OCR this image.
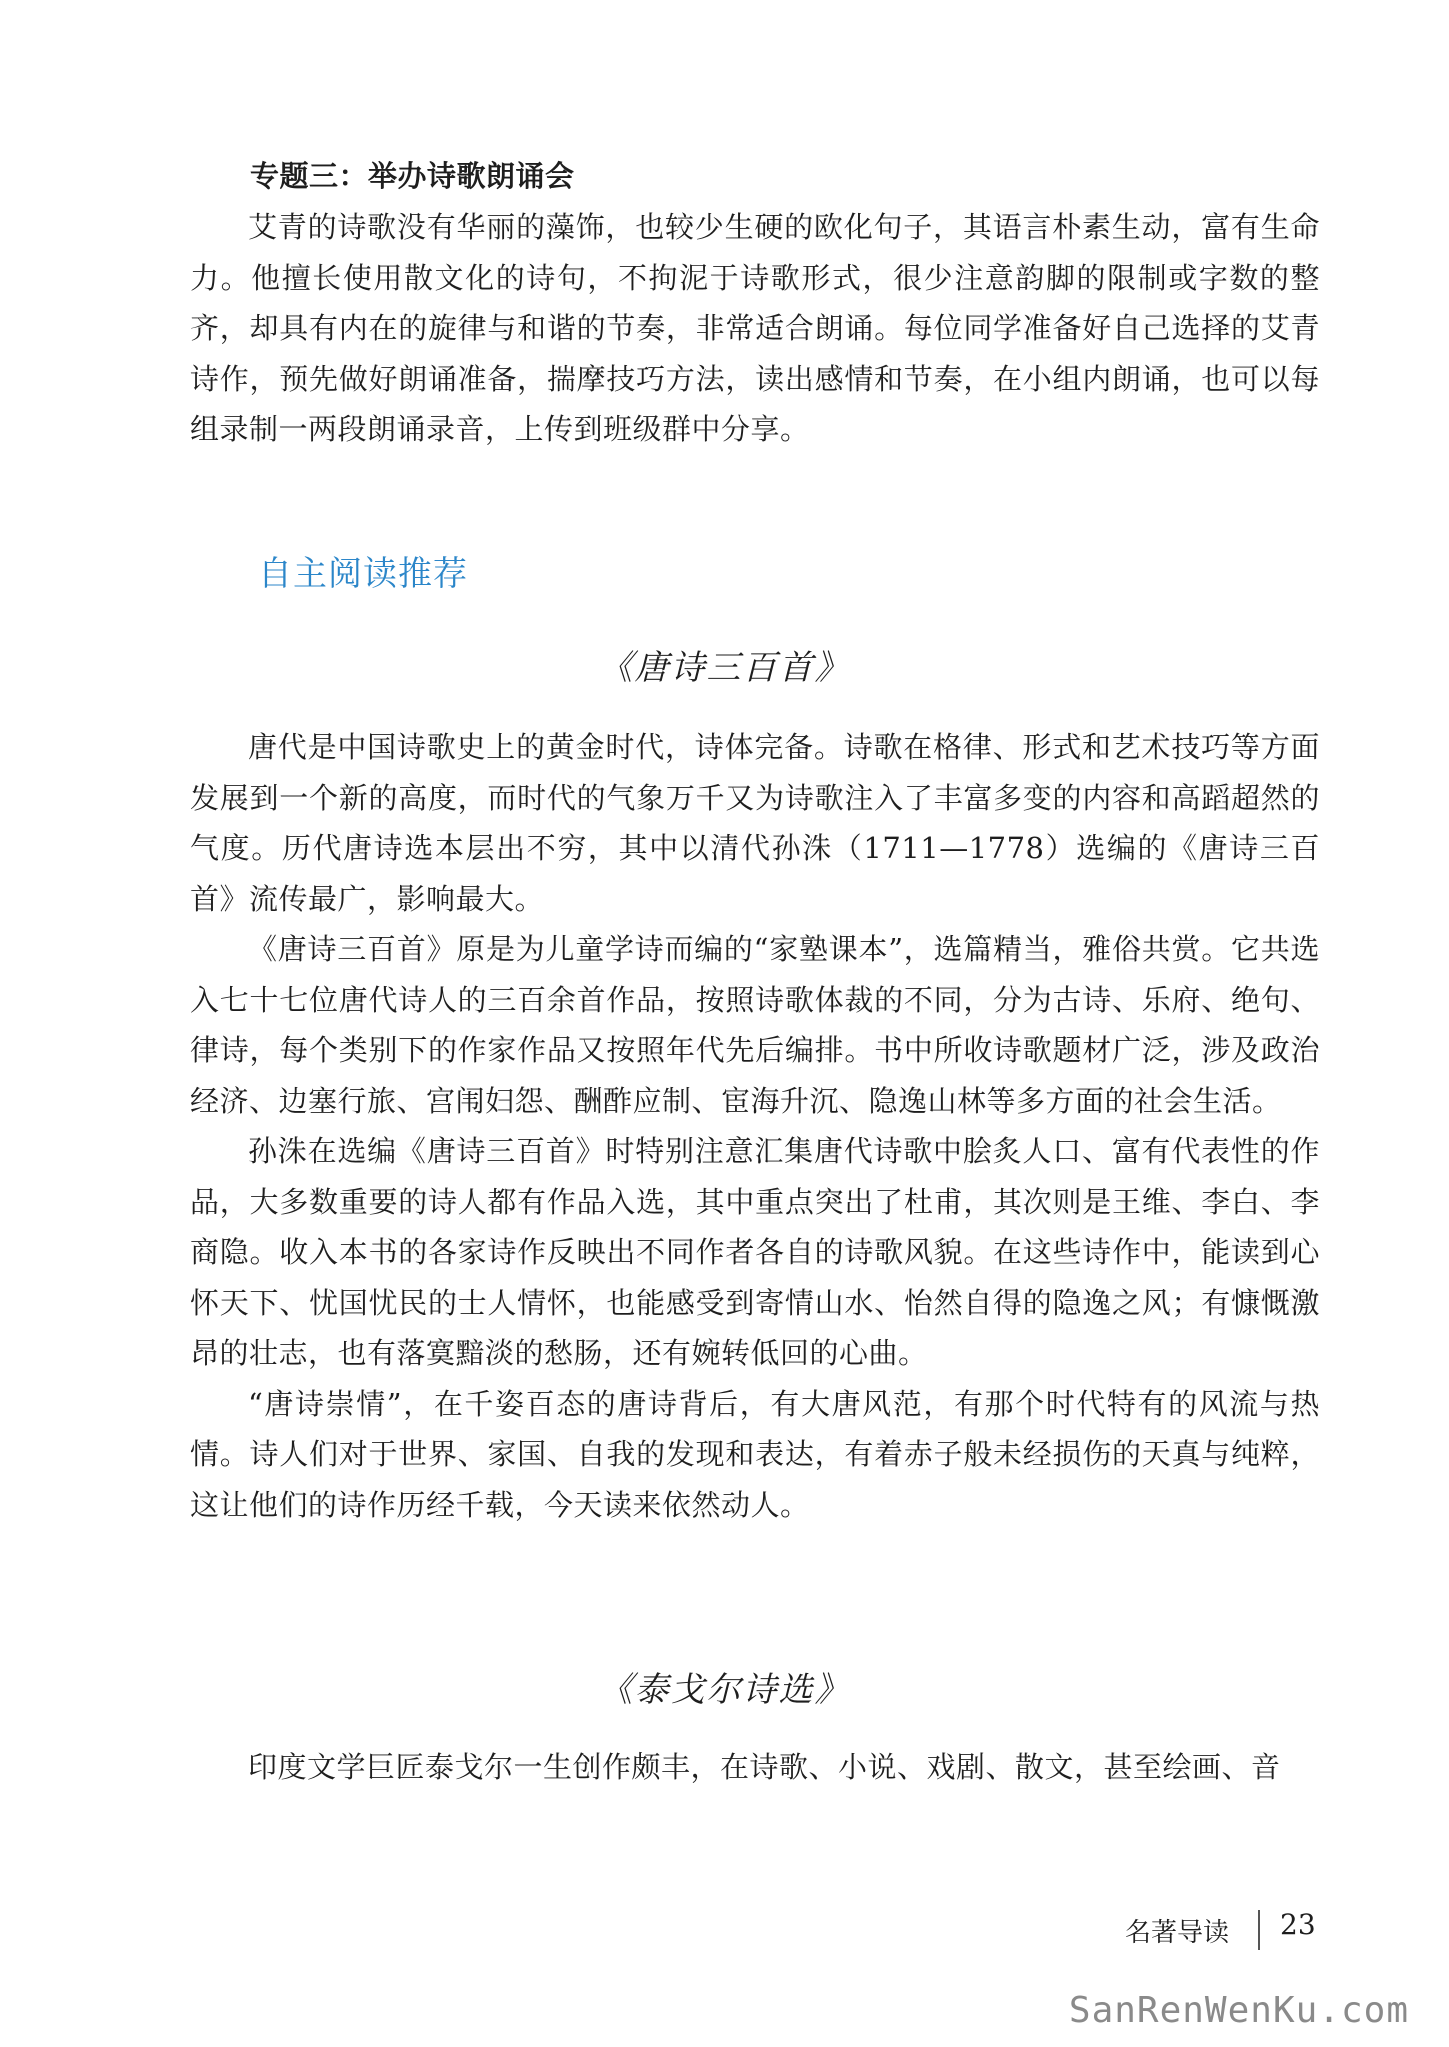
专题三：举办诗歌朗诵会

艾青的诗歌没有华丽的藻饰，也较少生硬的欧化句子，其语言朴素生动，富有生命力。他擅长使用散文化的诗句，不拘泥于诗歌形式，很少注意韵脚的限制或字数的整齐，却具有内在的旋律与和谐的节奏，非常适合朗诵。每位同学准备好自己选择的艾青诗作，预先做好朗诵准备，揣摩技巧方法，读出感情和节奏，在小组内朗诵，也可以每组录制一两段朗诵录音，上传到班级群中分享。

自主阅读推荐
《唐诗三百首》

唐代是中国诗歌史上的黄金时代，诗体完备。诗歌在格律、形式和艺术技巧等方面发展到一个新的高度，而时代的气象万千又为诗歌注入了丰富多变的内容和高蹈超然的气度。历代唐诗选本层出不穷，其中以清代孙洙（1711—1778）选编的《唐诗三百首》流传最广，影响最大。

《唐诗三百首》原是为儿童学诗而编的“家塾课本”，选篇精当，雅俗共赏。它共选入七十七位唐代诗人的三百余首作品，按照诗歌体裁的不同，分为古诗、乐府、绝句、律诗，每个类别下的作家作品又按照年代先后编排。书中所收诗歌题材广泛，涉及政治经济、边塞行旅、宫闱妇怨、酬酢应制、宦海升沉、隐逸山林等多方面的社会生活。

孙洙在选编《唐诗三百首》时特别注意汇集唐代诗歌中脍炙人口、富有代表性的作品，大多数重要的诗人都有作品入选，其中重点突出了杜甫，其次则是王维、李白、李商隐。收入本书的各家诗作反映出不同作者各自的诗歌风貌。在这些诗作中，能读到心怀天下、忧国忧民的士人情怀，也能感受到寄情山水、怡然自得的隐逸之风；有慷慨激昂的壮志，也有落寞黯淡的愁肠，还有婉转低回的心曲。

“唐诗崇情”，在千姿百态的唐诗背后，有大唐风范，有那个时代特有的风流与热情。诗人们对于世界、家国、自我的发现和表达，有着赤子般未经损伤的天真与纯粹，这让他们的诗作历经千载，今天读来依然动人。

《泰戈尔诗选》

印度文学巨匠泰戈尔一生创作颇丰，在诗歌、小说、戏剧、散文，甚至绘画、音

名著导读 23
SanRenWenKu.com
